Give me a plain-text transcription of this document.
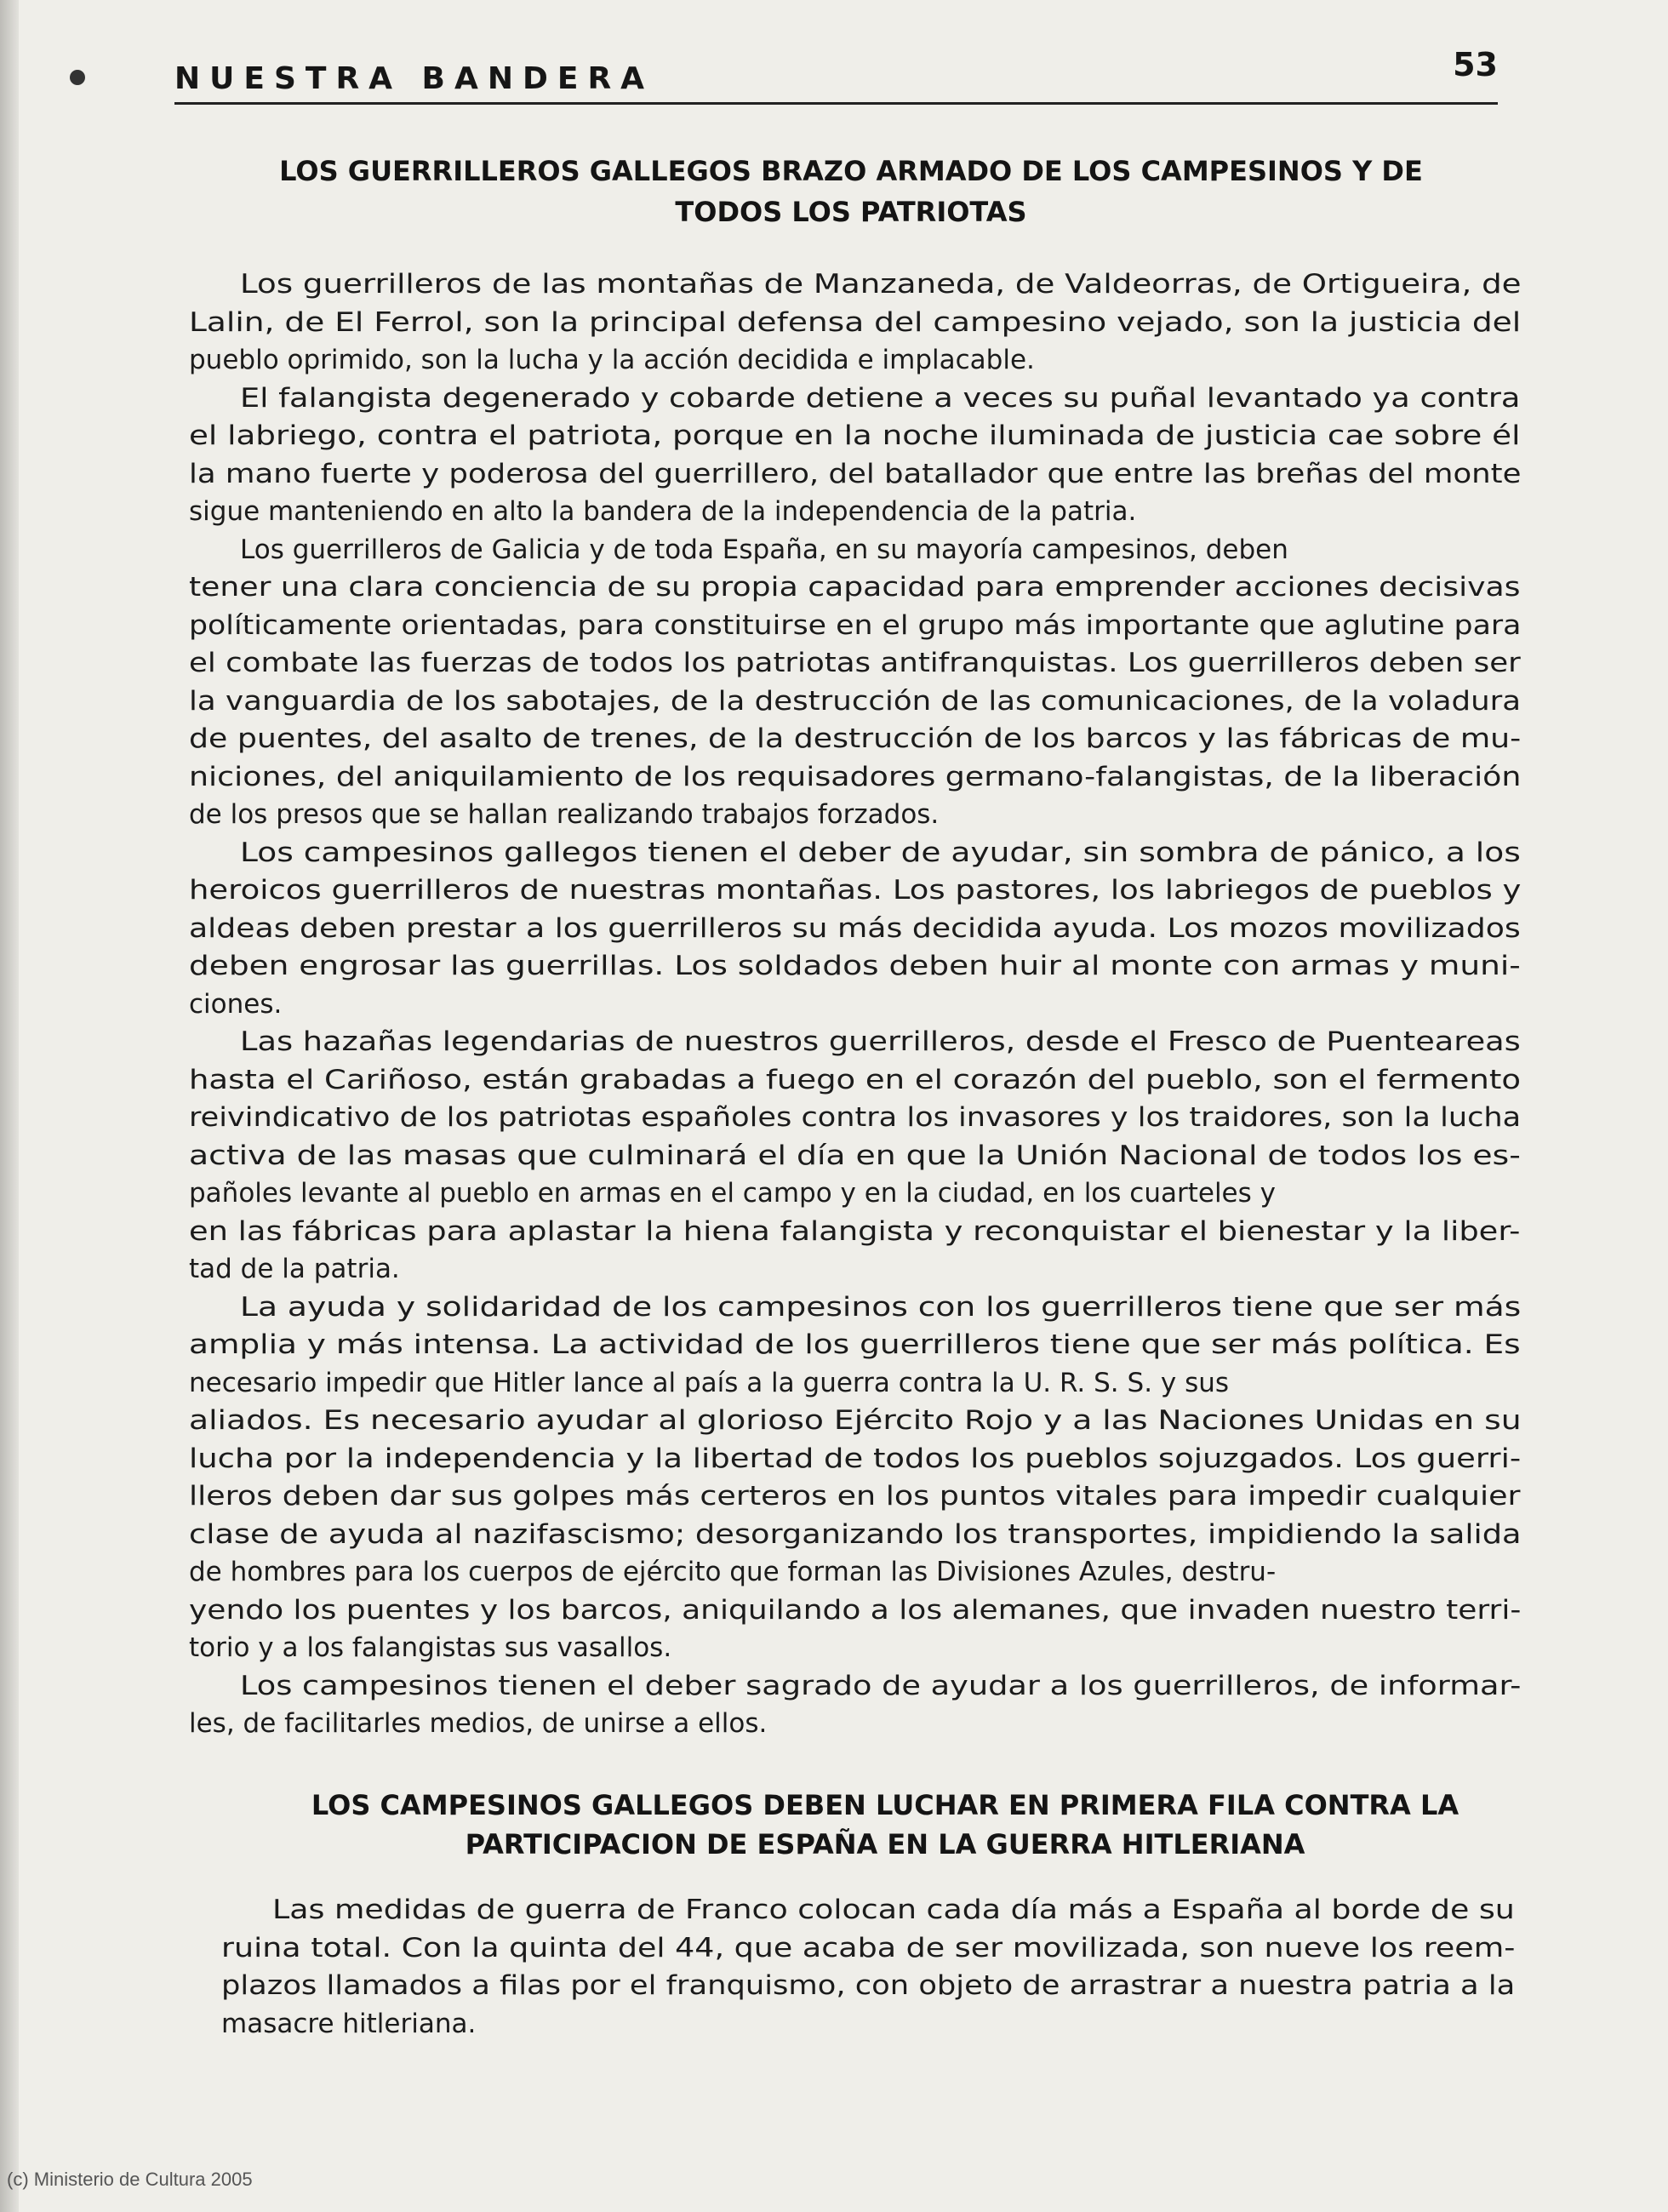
NUESTRA BANDERA	53
LOS GUERRILLEROS GALLEGOS BRAZO ARMADO DE LOS CAMPESINOS Y DE
TODOS LOS PATRIOTAS
Los guerrilleros de las montañas de Manzaneda, de Valdeorras, de Ortigueira, de
Lalin, de El Ferrol, son la principal defensa del campesino vejado, son la justicia del
pueblo oprimido, son la lucha y la acción decidida e implacable.
El falangista degenerado y cobarde detiene a veces su puñal levantado ya contra
el labriego, contra el patriota, porque en la noche iluminada de justicia cae sobre él
la mano fuerte y poderosa del guerrillero, del batallador que entre las breñas del monte
sigue manteniendo en alto la bandera de la independencia de la patria.
Los guerrilleros de Galicia y de toda España, en su mayoría campesinos, deben
tener una clara conciencia de su propia capacidad para emprender acciones decisivas
políticamente orientadas, para constituirse en el grupo más importante que aglutine para
el combate las fuerzas de todos los patriotas antifranquistas. Los guerrilleros deben ser
la vanguardia de los sabotajes, de la destrucción de las comunicaciones, de la voladura
de puentes, del asalto de trenes, de la destrucción de los barcos y las fábricas de mu-
niciones, del aniquilamiento de los requisadores germano-falangistas, de la liberación
de los presos que se hallan realizando trabajos forzados.
Los campesinos gallegos tienen el deber de ayudar, sin sombra de pánico, a los
heroicos guerrilleros de nuestras montañas. Los pastores, los labriegos de pueblos y
aldeas deben prestar a los guerrilleros su más decidida ayuda. Los mozos movilizados
deben engrosar las guerrillas. Los soldados deben huir al monte con armas y muni-
ciones.
Las hazañas legendarias de nuestros guerrilleros, desde el Fresco de Puenteareas
hasta el Cariñoso, están grabadas a fuego en el corazón del pueblo, son el fermento
reivindicativo de los patriotas españoles contra los invasores y los traidores, son la lucha
activa de las masas que culminará el día en que la Unión Nacional de todos los es-
pañoles levante al pueblo en armas en el campo y en la ciudad, en los cuarteles y
en las fábricas para aplastar la hiena falangista y reconquistar el bienestar y la liber-
tad de la patria.
La ayuda y solidaridad de los campesinos con los guerrilleros tiene que ser más
amplia y más intensa. La actividad de los guerrilleros tiene que ser más política. Es
necesario impedir que Hitler lance al país a la guerra contra la U. R. S. S. y sus
aliados. Es necesario ayudar al glorioso Ejército Rojo y a las Naciones Unidas en su
lucha por la independencia y la libertad de todos los pueblos sojuzgados. Los guerri-
lleros deben dar sus golpes más certeros en los puntos vitales para impedir cualquier
clase de ayuda al nazifascismo; desorganizando los transportes, impidiendo la salida
de hombres para los cuerpos de ejército que forman las Divisiones Azules, destru-
yendo los puentes y los barcos, aniquilando a los alemanes, que invaden nuestro terri-
torio y a los falangistas sus vasallos.
Los campesinos tienen el deber sagrado de ayudar a los guerrilleros, de informar-
les, de facilitarles medios, de unirse a ellos.
LOS CAMPESINOS GALLEGOS DEBEN LUCHAR EN PRIMERA FILA CONTRA LA
PARTICIPACION DE ESPAÑA EN LA GUERRA HITLERIANA
Las medidas de guerra de Franco colocan cada día más a España al borde de su
ruina total. Con la quinta del 44, que acaba de ser movilizada, son nueve los reem-
plazos llamados a filas por el franquismo, con objeto de arrastrar a nuestra patria a la
masacre hitleriana.
(c) Ministerio de Cultura 2005
